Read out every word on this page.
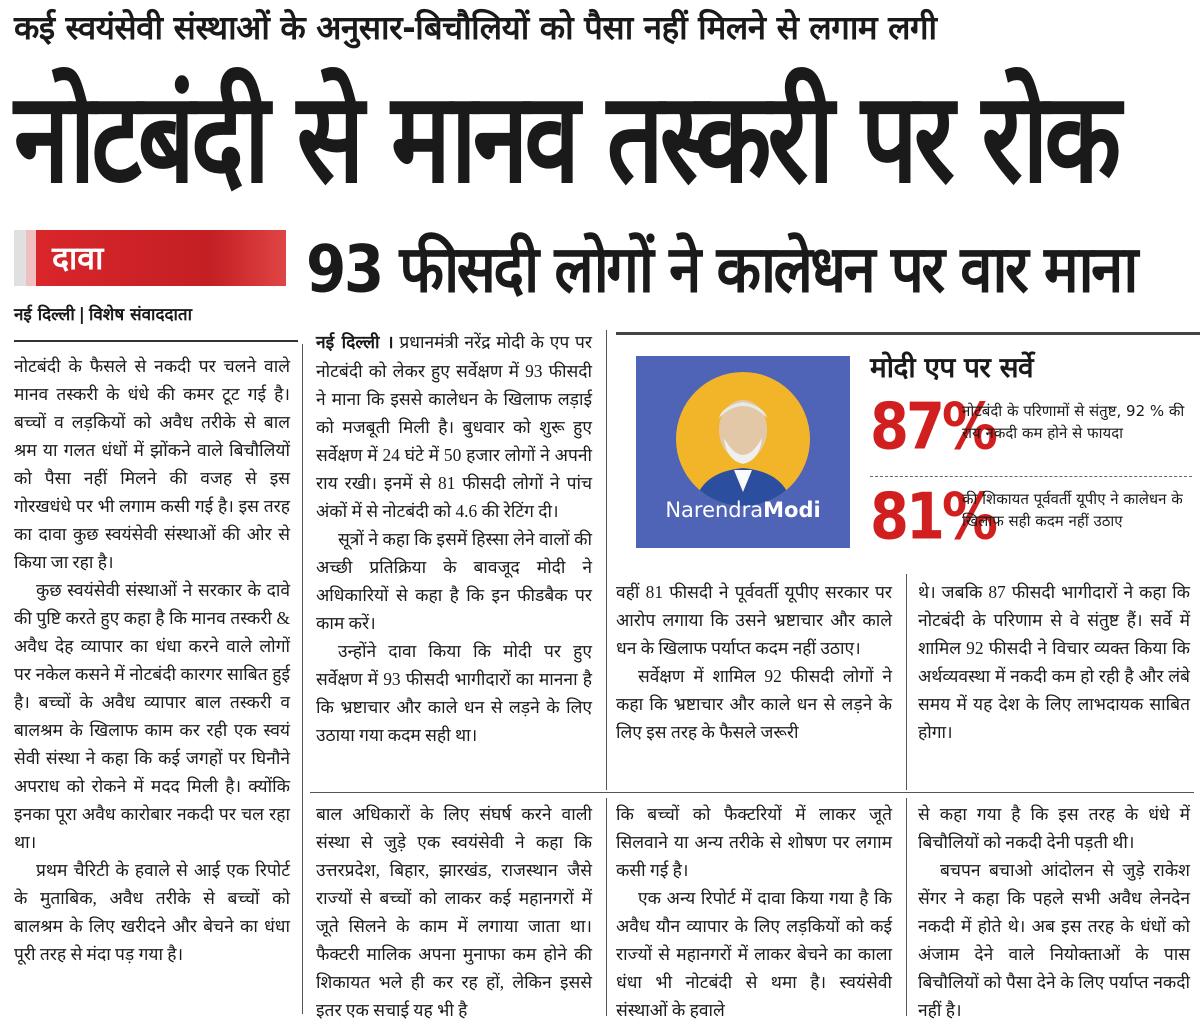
कई स्वयंसेवी संस्थाओं के अनुसार-बिचौलियों को पैसा नहीं मिलने से लगाम लगी
नोटबंदी से मानव तस्करी पर रोक
दावा
नई दिल्ली | विशेष संवाददाता
93 फीसदी लोगों ने कालेधन पर वार माना

नोटबंदी के फैसले से नकदी पर चलने वाले मानव तस्करी के धंधे की कमर टूट गई है। बच्चों व लड़कियों को अवैध तरीके से बाल श्रम या गलत धंधों में झोंकने वाले बिचौलियों को पैसा नहीं मिलने की वजह से इस गोरखधंधे पर भी लगाम कसी गई है। इस तरह का दावा कुछ स्वयंसेवी संस्थाओं की ओर से किया जा रहा है।

कुछ स्वयंसेवी संस्थाओं ने सरकार के दावे की पुष्टि करते हुए कहा है कि मानव तस्करी & अवैध देह व्यापार का धंधा करने वाले लोगों पर नकेल कसने में नोटबंदी कारगर साबित हुई है। बच्चों के अवैध व्यापार बाल तस्करी व बालश्रम के खिलाफ काम कर रही एक स्वयं सेवी संस्था ने कहा कि कई जगहों पर घिनौने अपराध को रोकने में मदद मिली है। क्योंकि इनका पूरा अवैध कारोबार नकदी पर चल रहा था।

प्रथम चैरिटी के हवाले से आई एक रिपोर्ट के मुताबिक, अवैध तरीके से बच्चों को बालश्रम के लिए खरीदने और बेचने का धंधा पूरी तरह से मंदा पड़ गया है।

नई दिल्ली । प्रधानमंत्री नरेंद्र मोदी के एप पर नोटबंदी को लेकर हुए सर्वेक्षण में 93 फीसदी ने माना कि इससे कालेधन के खिलाफ लड़ाई को मजबूती मिली है। बुधवार को शुरू हुए सर्वेक्षण में 24 घंटे में 50 हजार लोगों ने अपनी राय रखी। इनमें से 81 फीसदी लोगों ने पांच अंकों में से नोटबंदी को 4.6 की रेटिंग दी।

सूत्रों ने कहा कि इसमें हिस्सा लेने वालों की अच्छी प्रतिक्रिया के बावजूद मोदी ने अधिकारियों से कहा है कि इन फीडबैक पर काम करें।

उन्होंने दावा किया कि मोदी पर हुए सर्वेक्षण में 93 फीसदी भागीदारों का मानना है कि भ्रष्टाचार और काले धन से लड़ने के लिए उठाया गया कदम सही था।

NarendraModi
मोदी एप पर सर्वे
87%
नोटबंदी के परिणामों से संतुष्ट, 92 % की राय नकदी कम होने से फायदा
81%
की शिकायत पूर्ववर्ती यूपीए ने कालेधन के खिलाफ सही कदम नहीं उठाए

वहीं 81 फीसदी ने पूर्ववर्ती यूपीए सरकार पर आरोप लगाया कि उसने भ्रष्टाचार और काले धन के खिलाफ पर्याप्त कदम नहीं उठाए।

सर्वेक्षण में शामिल 92 फीसदी लोगों ने कहा कि भ्रष्टाचार और काले धन से लड़ने के लिए इस तरह के फैसले जरूरी

थे। जबकि 87 फीसदी भागीदारों ने कहा कि नोटबंदी के परिणाम से वे संतुष्ट हैं। सर्वे में शामिल 92 फीसदी ने विचार व्यक्त किया कि अर्थव्यवस्था में नकदी कम हो रही है और लंबे समय में यह देश के लिए लाभदायक साबित होगा।

बाल अधिकारों के लिए संघर्ष करने वाली संस्था से जुड़े एक स्वयंसेवी ने कहा कि उत्तरप्रदेश, बिहार, झारखंड, राजस्थान जैसे राज्यों से बच्चों को लाकर कई महानगरों में जूते सिलने के काम में लगाया जाता था। फैक्टरी मालिक अपना मुनाफा कम होने की शिकायत भले ही कर रह हों, लेकिन इससे इतर एक सचाई यह भी है

कि बच्चों को फैक्टरियों में लाकर जूते सिलवाने या अन्य तरीके से शोषण पर लगाम कसी गई है।

एक अन्य रिपोर्ट में दावा किया गया है कि अवैध यौन व्यापार के लिए लड़कियों को कई राज्यों से महानगरों में लाकर बेचने का काला धंधा भी नोटबंदी से थमा है। स्वयंसेवी संस्थाओं के हवाले

से कहा गया है कि इस तरह के धंधे में बिचौलियों को नकदी देनी पड़ती थी।

बचपन बचाओ आंदोलन से जुड़े राकेश सेंगर ने कहा कि पहले सभी अवैध लेनदेन नकदी में होते थे। अब इस तरह के धंधों को अंजाम देने वाले नियोक्ताओं के पास बिचौलियों को पैसा देने के लिए पर्याप्त नकदी नहीं है।
